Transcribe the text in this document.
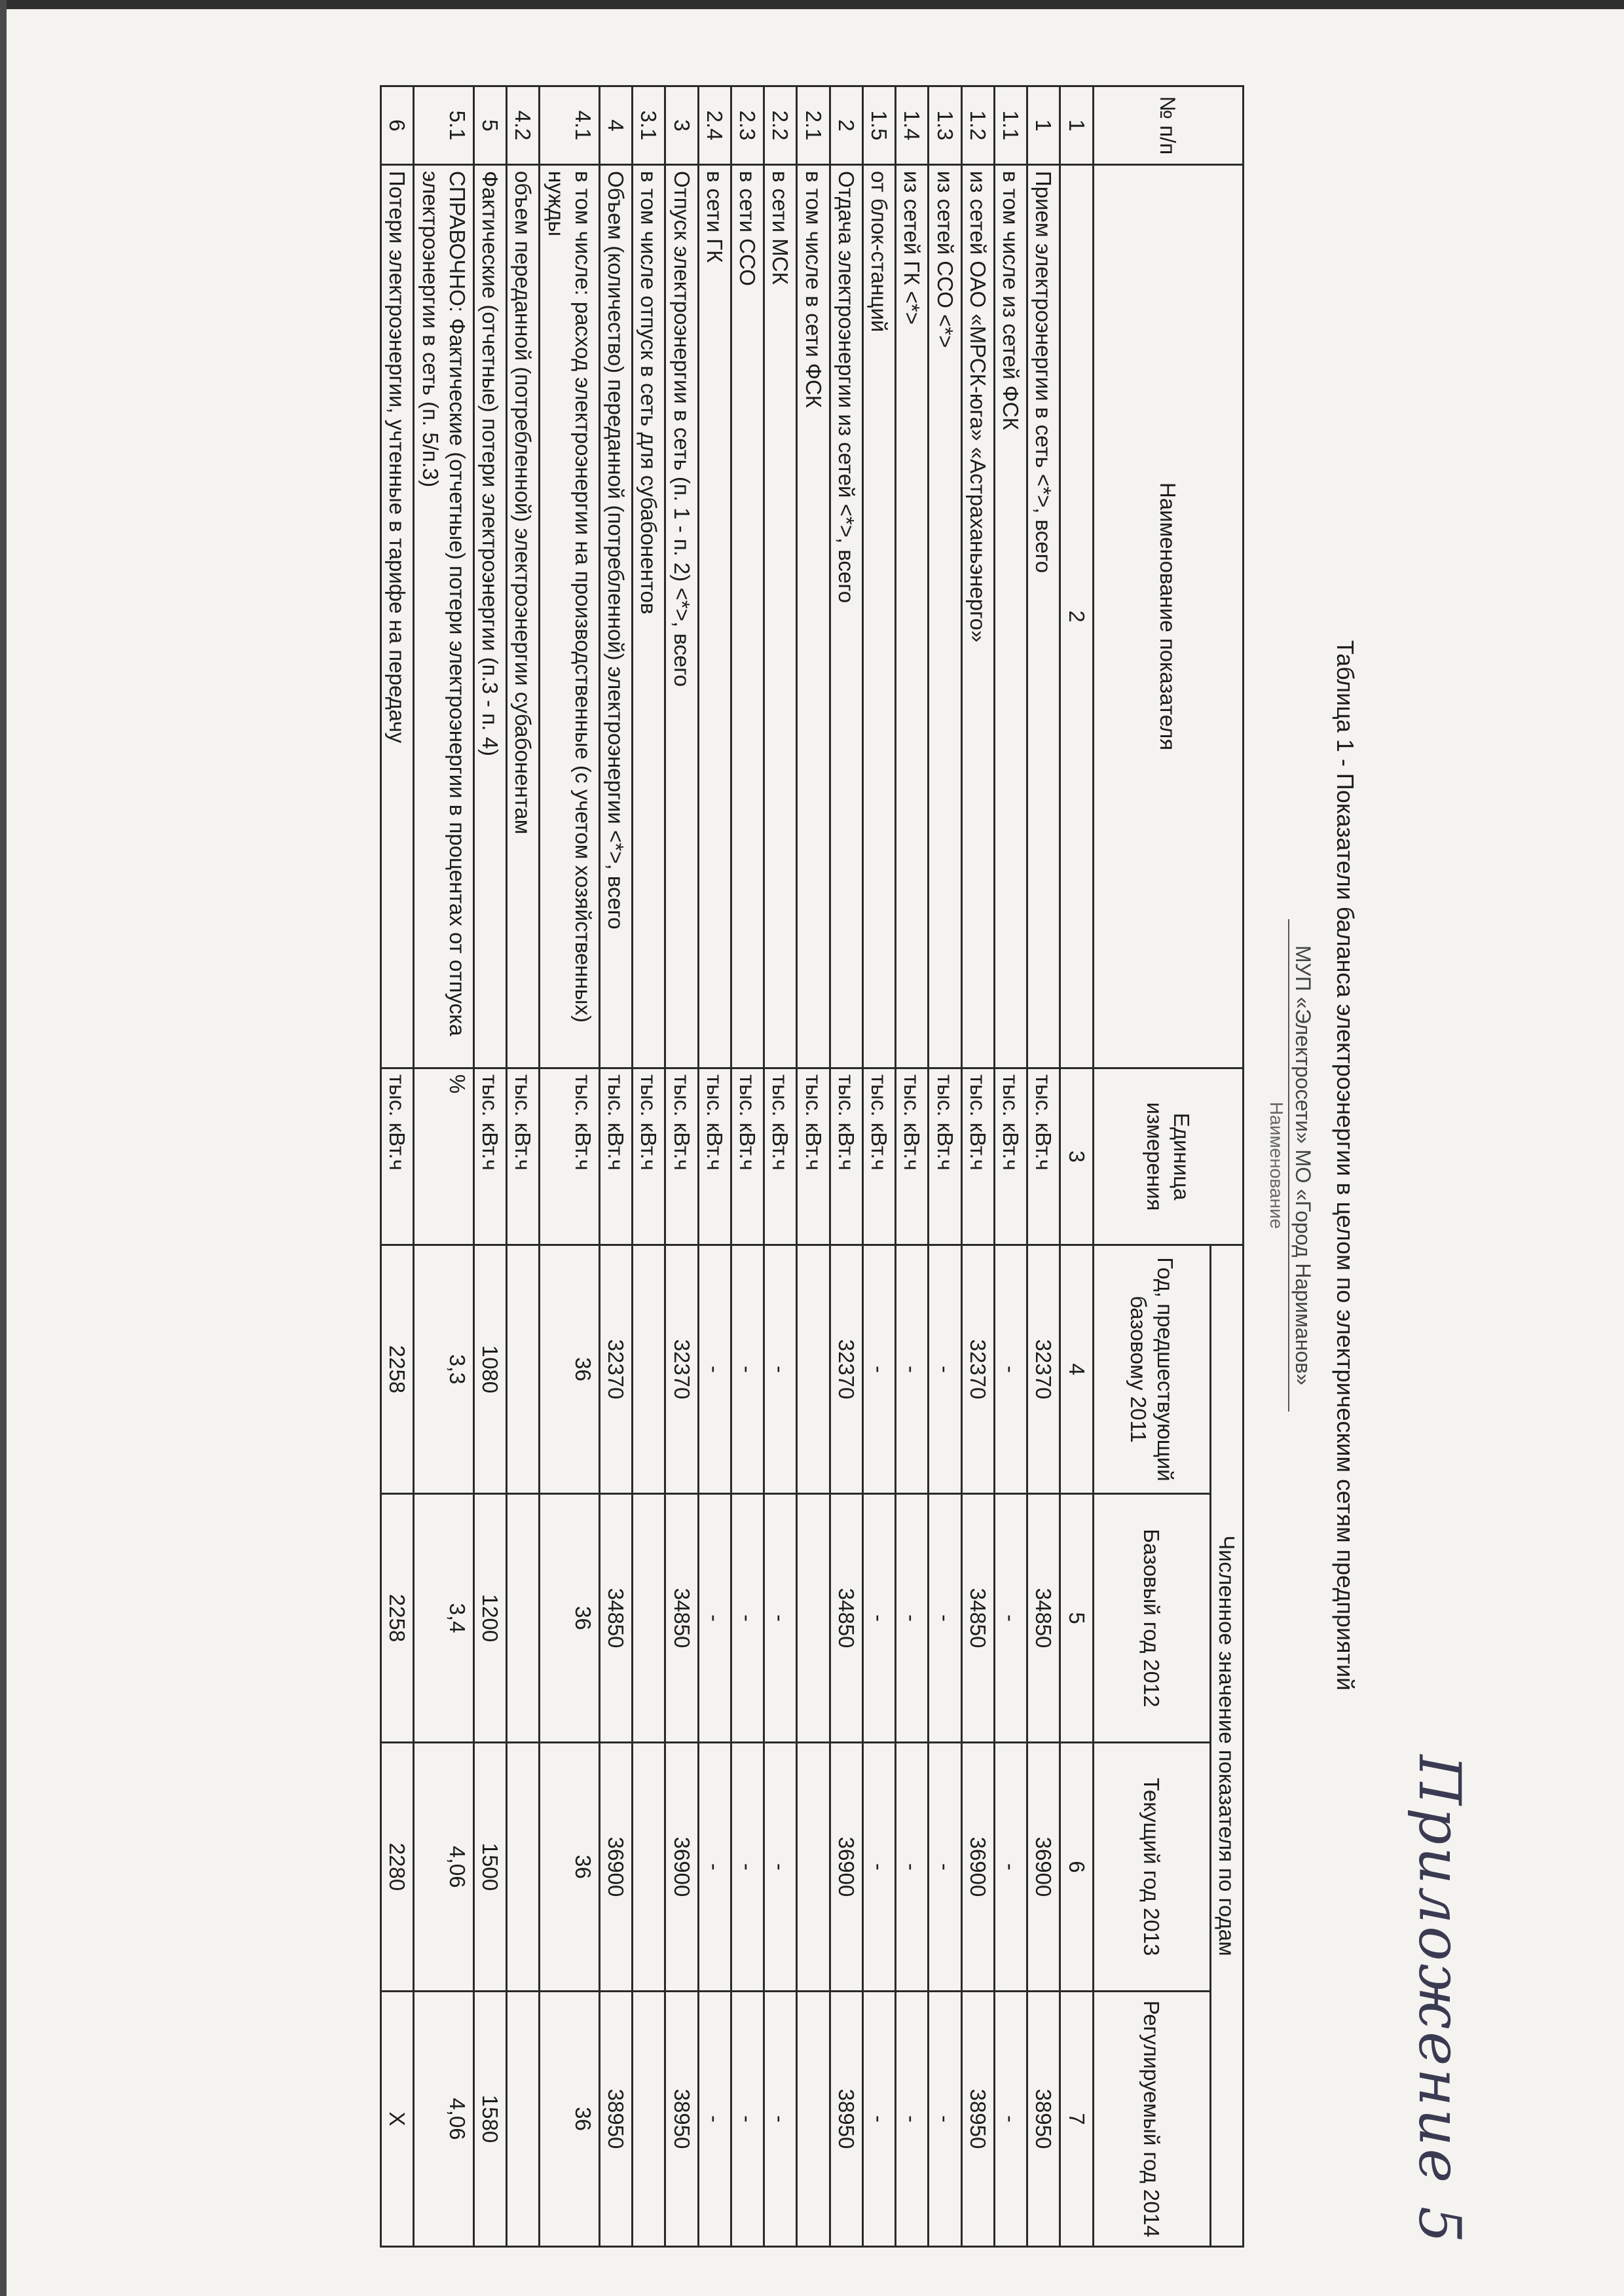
Приложение 5
Таблица 1 - Показатели баланса электроэнергии в целом по электрическим сетям предприятий
МУП «Электросети» МО «Город Нариманов»
Наименование
№ п/п	Наименование показателя	Единица измерения	Численное значение показателя по годам			
			Год, предшествующий базовому 2011	Базовый год 2012	Текущий год 2013	Регулируемый год 2014
1	2	3	4	5	6	7
1	Прием электроэнергии в сеть <*>, всего	тыс. кВт.ч	32370	34850	36900	38950
1.1	в том числе из сетей ФСК	тыс. кВт.ч	-	-	-	-
1.2	из сетей ОАО «МРСК-юга» «Астраханьэнерго»	тыс. кВт.ч	32370	34850	36900	38950
1.3	из сетей ССО <*>	тыс. кВт.ч	-	-	-	-
1.4	из сетей ГК <*>	тыс. кВт.ч	-	-	-	-
1.5	от блок-станций	тыс. кВт.ч	-	-	-	-
2	Отдача электроэнергии из сетей <*>, всего	тыс. кВт.ч	32370	34850	36900	38950
2.1	в том числе в сети ФСК	тыс. кВт.ч				
2.2	в сети МСК	тыс. кВт.ч	-	-	-	-
2.3	в сети ССО	тыс. кВт.ч	-	-	-	-
2.4	в сети ГК	тыс. кВт.ч	-	-	-	-
3	Отпуск электроэнергии в сеть (п. 1 - п. 2) <*>, всего	тыс. кВт.ч	32370	34850	36900	38950
3.1	в том числе отпуск в сеть для субабонентов	тыс. кВт.ч				
4	Объем (количество) переданной (потребленной) электроэнергии <*>, всего	тыс. кВт.ч	32370	34850	36900	38950
4.1	в том числе: расход электроэнергии на производственные (с учетом хозяйственных) нужды	тыс. кВт.ч	36	36	36	36
4.2	объем переданной (потребленной) электроэнергии субабонентам	тыс. кВт.ч				
5	Фактические (отчетные) потери электроэнергии (п.3 - п. 4)	тыс. кВт.ч	1080	1200	1500	1580
5.1	СПРАВОЧНО: Фактические (отчетные) потери электроэнергии в процентах от отпуска электроэнергии в сеть (п. 5/п.3)	%	3,3	3,4	4,06	4,06
6	Потери электроэнергии, учтенные в тарифе на передачу	тыс. кВт.ч	2258	2258	2280	Х
